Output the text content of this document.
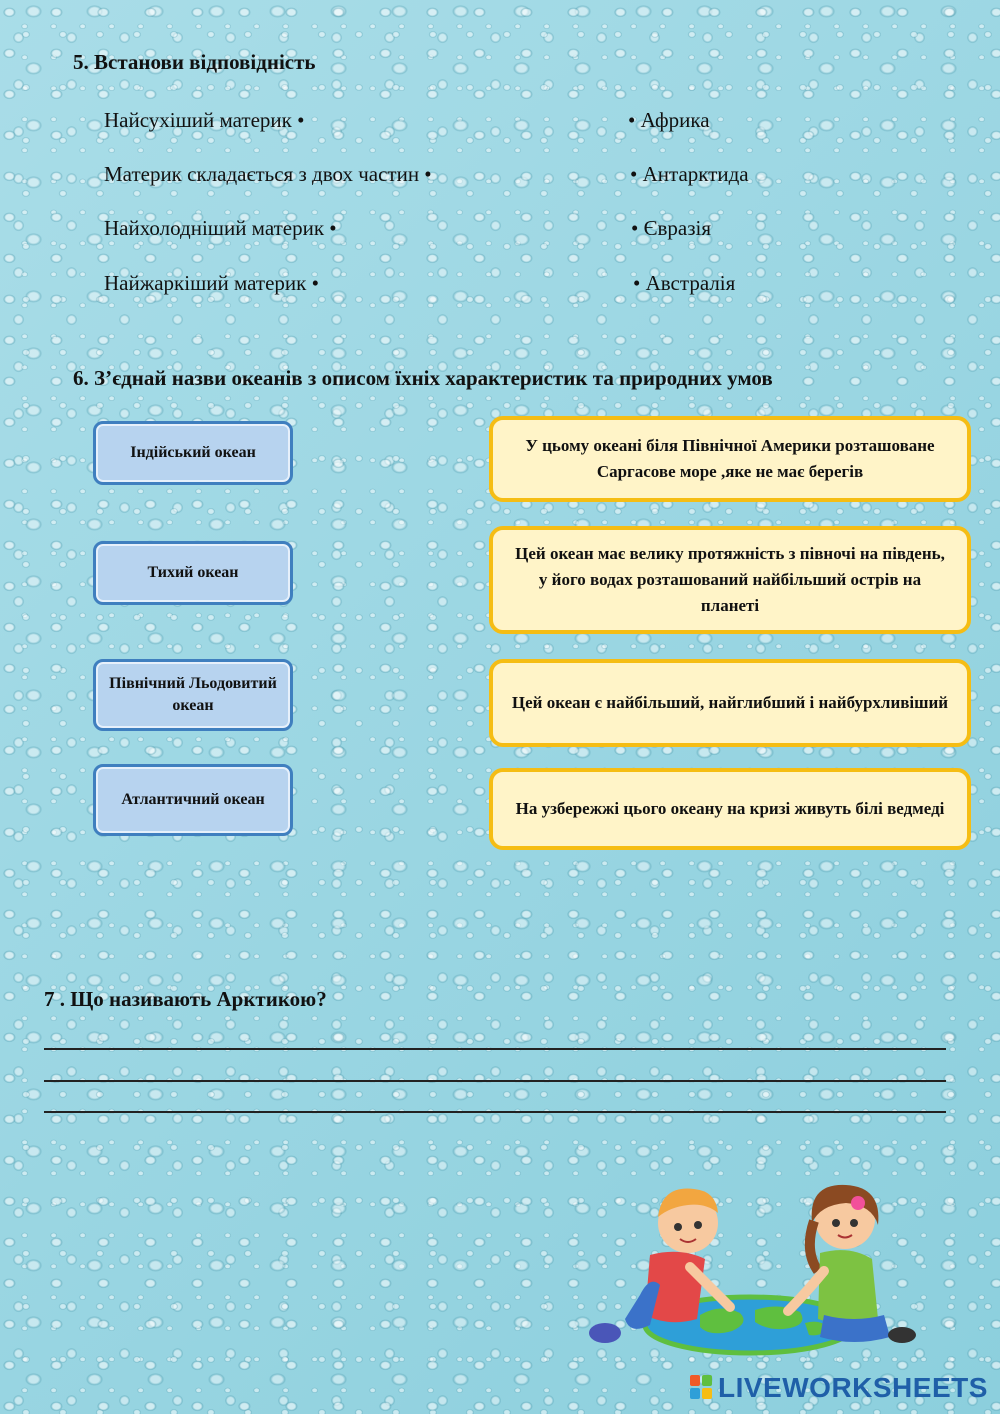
5. Встанови відповідність
Найсухіший материк •
Материк складається з двох частин •
Найхолодніший материк •
Найжаркіший материк •
• Африка
• Антарктида
• Євразія
• Австралія
6. З’єднай назви океанів з описом їхніх характеристик та природних умов
Індійський океан
Тихий океан
Північний Льодовитий океан
Атлантичний океан
У цьому океані біля Північної Америки розташоване Саргасове море ,яке не має берегів
Цей океан має велику протяжність з півночі на південь, у його водах розташований найбільший острів на планеті
Цей океан є найбільший, найглибший і найбурхливіший
На узбережжі цього океану на кризі живуть білі ведмеді
7 . Що називають Арктикою?
LIVEWORKSHEETS
